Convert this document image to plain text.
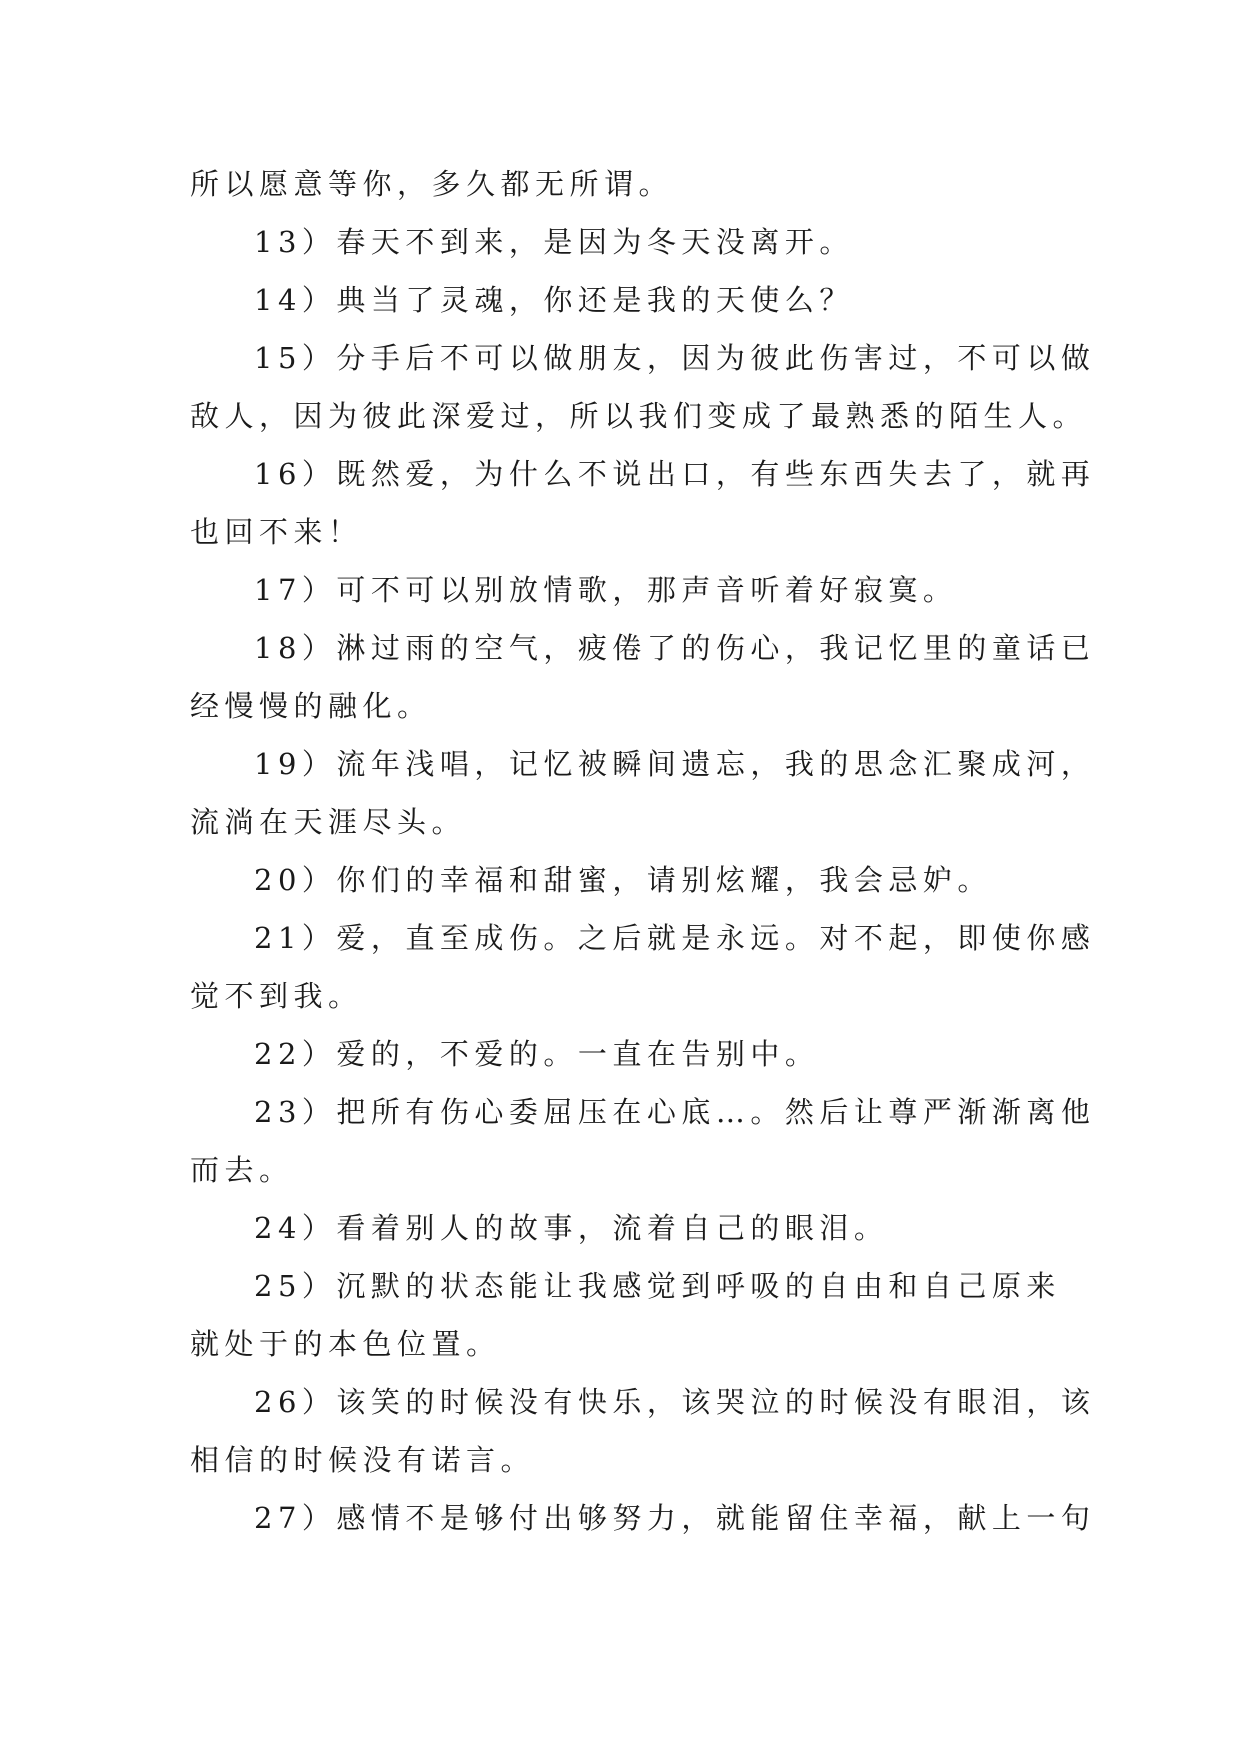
所以愿意等你，多久都无所谓。
13）春天不到来，是因为冬天没离开。
14）典当了灵魂，你还是我的天使么？
15）分手后不可以做朋友，因为彼此伤害过，不可以做
敌人，因为彼此深爱过，所以我们变成了最熟悉的陌生人。
16）既然爱，为什么不说出口，有些东西失去了，就再
也回不来！
17）可不可以别放情歌，那声音听着好寂寞。
18）淋过雨的空气，疲倦了的伤心，我记忆里的童话已
经慢慢的融化。
19）流年浅唱，记忆被瞬间遗忘，我的思念汇聚成河，
流淌在天涯尽头。
20）你们的幸福和甜蜜，请别炫耀，我会忌妒。
21）爱，直至成伤。之后就是永远。对不起，即使你感
觉不到我。
22）爱的，不爱的。一直在告别中。
23）把所有伤心委屈压在心底…。然后让尊严渐渐离他
而去。
24）看着别人的故事，流着自己的眼泪。
25）沉默的状态能让我感觉到呼吸的自由和自己原来
就处于的本色位置。
26）该笑的时候没有快乐，该哭泣的时候没有眼泪，该
相信的时候没有诺言。
27）感情不是够付出够努力，就能留住幸福，献上一句
